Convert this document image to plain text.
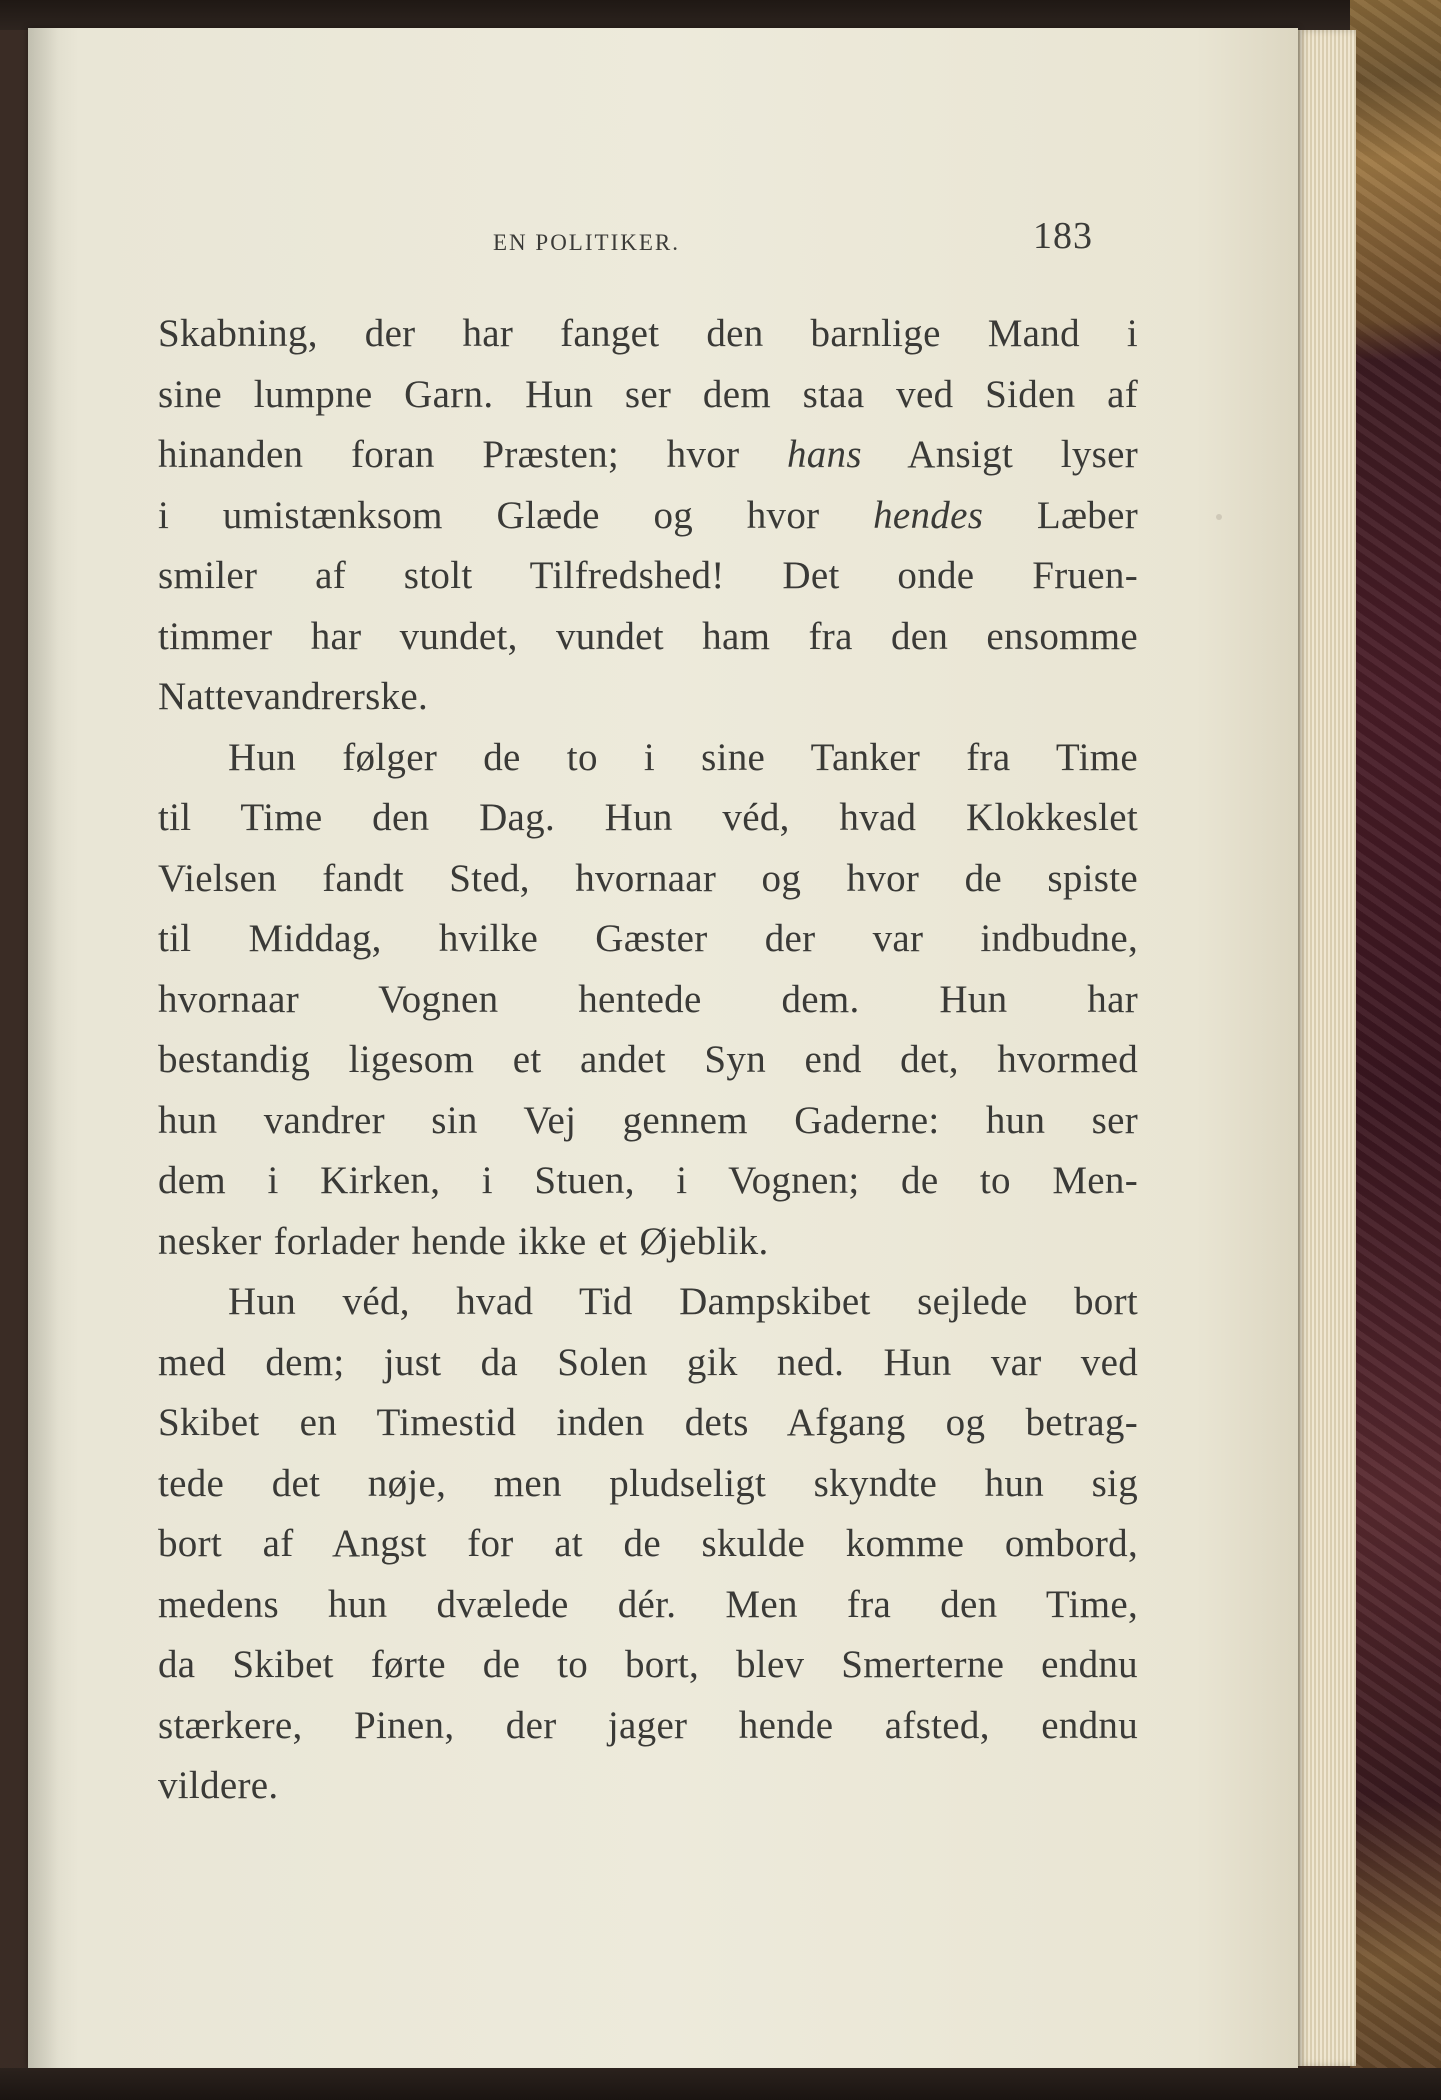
EN POLITIKER.	183
Skabning, der har fanget den barnlige Mand i
sine lumpne Garn. Hun ser dem staa ved Siden af
hinanden foran Præsten; hvor hans Ansigt lyser
i umistænksom Glæde og hvor hendes Læber
smiler af stolt Tilfredshed! Det onde Fruen-
timmer har vundet, vundet ham fra den ensomme
Nattevandrerske.
Hun følger de to i sine Tanker fra Time
til Time den Dag. Hun véd, hvad Klokkeslet
Vielsen fandt Sted, hvornaar og hvor de spiste
til Middag, hvilke Gæster der var indbudne,
hvornaar Vognen hentede dem. Hun har
bestandig ligesom et andet Syn end det, hvormed
hun vandrer sin Vej gennem Gaderne: hun ser
dem i Kirken, i Stuen, i Vognen; de to Men-
nesker forlader hende ikke et Øjeblik.
Hun véd, hvad Tid Dampskibet sejlede bort
med dem; just da Solen gik ned. Hun var ved
Skibet en Timestid inden dets Afgang og betrag-
tede det nøje, men pludseligt skyndte hun sig
bort af Angst for at de skulde komme ombord,
medens hun dvælede dér. Men fra den Time,
da Skibet førte de to bort, blev Smerterne endnu
stærkere, Pinen, der jager hende afsted, endnu
vildere.
